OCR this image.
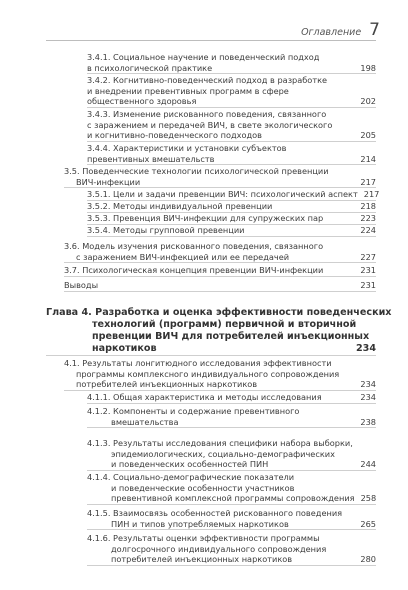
Оглавление 7
3.4.1. Социальное научение и поведенческий подход
в психологической практике	198
3.4.2. Когнитивно-поведенческий подход в разработке
и внедрении превентивных программ в сфере
общественного здоровья	202
3.4.3. Изменение рискованного поведения, связанного
с заражением и передачей ВИЧ, в свете экологического
и когнитивно-поведенческого подходов	205
3.4.4. Характеристики и установки субъектов
превентивных вмешательств	214
3.5. Поведенческие технологии психологической превенции
ВИЧ-инфекции	217
3.5.1. Цели и задачи превенции ВИЧ: психологический аспект 217
3.5.2. Методы индивидуальной превенции	218
3.5.3. Превенция ВИЧ-инфекции для супружеских пар	223
3.5.4. Методы групповой превенции	224
3.6. Модель изучения рискованного поведения, связанного
с заражением ВИЧ-инфекцией или ее передачей	227
3.7. Психологическая концепция превенции ВИЧ-инфекции	231
Выводы	231
Глава 4. Разработка и оценка эффективности поведенческих
технологий (программ) первичной и вторичной
превенции ВИЧ для потребителей инъекционных
наркотиков	234
4.1. Результаты лонгитюдного исследования эффективности
программы комплексного индивидуального сопровождения
потребителей инъекционных наркотиков	234
4.1.1. Общая характеристика и методы исследования	234
4.1.2. Компоненты и содержание превентивного
вмешательства	238
4.1.3. Результаты исследования специфики набора выборки,
эпидемиологических, социально-демографических
и поведенческих особенностей ПИН	244
4.1.4. Социально-демографические показатели
и поведенческие особенности участников
превентивной комплексной программы сопровождения 258
4.1.5. Взаимосвязь особенностей рискованного поведения
ПИН и типов употребляемых наркотиков	265
4.1.6. Результаты оценки эффективности программы
долгосрочного индивидуального сопровождения
потребителей инъекционных наркотиков	280
